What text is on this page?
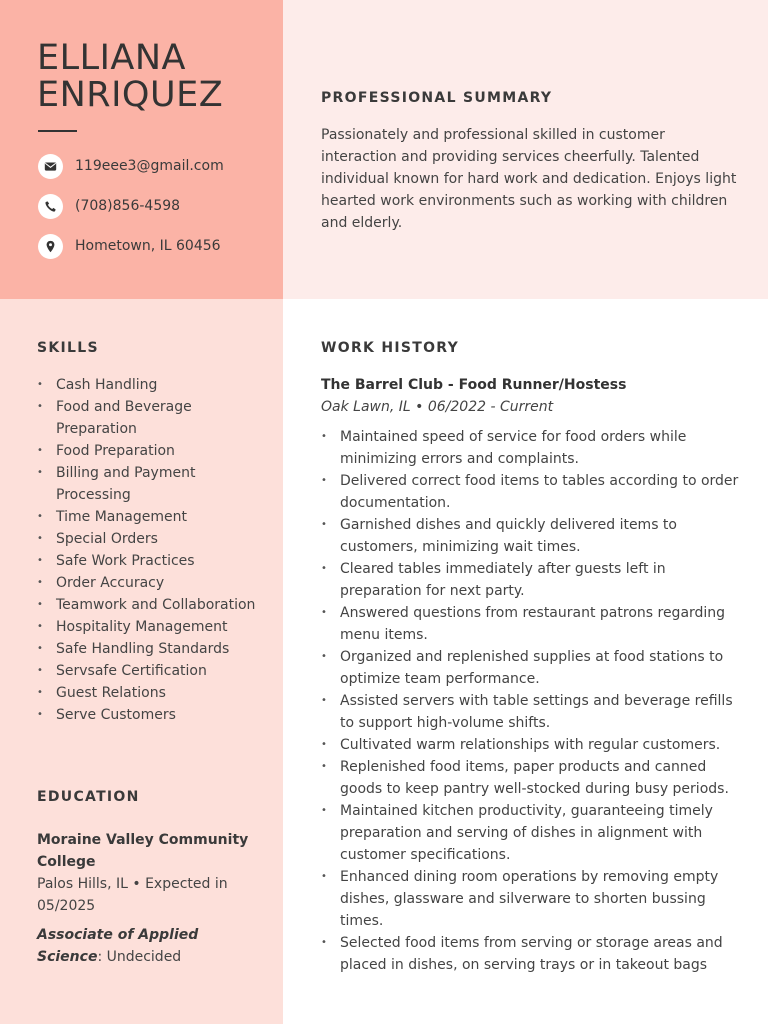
ELLIANA
ENRIQUEZ
119eee3@gmail.com
(708)856-4598
Hometown, IL 60456
PROFESSIONAL SUMMARY

Passionately and professional skilled in customer interaction and providing services cheerfully. Talented individual known for hard work and dedication. Enjoys light hearted work environments such as working with children and elderly.

SKILLS
• Cash Handling
• Food and Beverage Preparation
• Food Preparation
• Billing and Payment Processing
• Time Management
• Special Orders
• Safe Work Practices
• Order Accuracy
• Teamwork and Collaboration
• Hospitality Management
• Safe Handling Standards
• Servsafe Certification
• Guest Relations
• Serve Customers
EDUCATION

Moraine Valley Community College

Palos Hills, IL • Expected in 05/2025

Associate of Applied Science: Undecided

WORK HISTORY

The Barrel Club - Food Runner/Hostess

Oak Lawn, IL • 06/2022 - Current

• Maintained speed of service for food orders while minimizing errors and complaints.
• Delivered correct food items to tables according to order documentation.
• Garnished dishes and quickly delivered items to customers, minimizing wait times.
• Cleared tables immediately after guests left in preparation for next party.
• Answered questions from restaurant patrons regarding menu items.
• Organized and replenished supplies at food stations to optimize team performance.
• Assisted servers with table settings and beverage refills to support high-volume shifts.
• Cultivated warm relationships with regular customers.
• Replenished food items, paper products and canned goods to keep pantry well-stocked during busy periods.
• Maintained kitchen productivity, guaranteeing timely preparation and serving of dishes in alignment with customer specifications.
• Enhanced dining room operations by removing empty dishes, glassware and silverware to shorten bussing times.
• Selected food items from serving or storage areas and placed in dishes, on serving trays or in takeout bags
